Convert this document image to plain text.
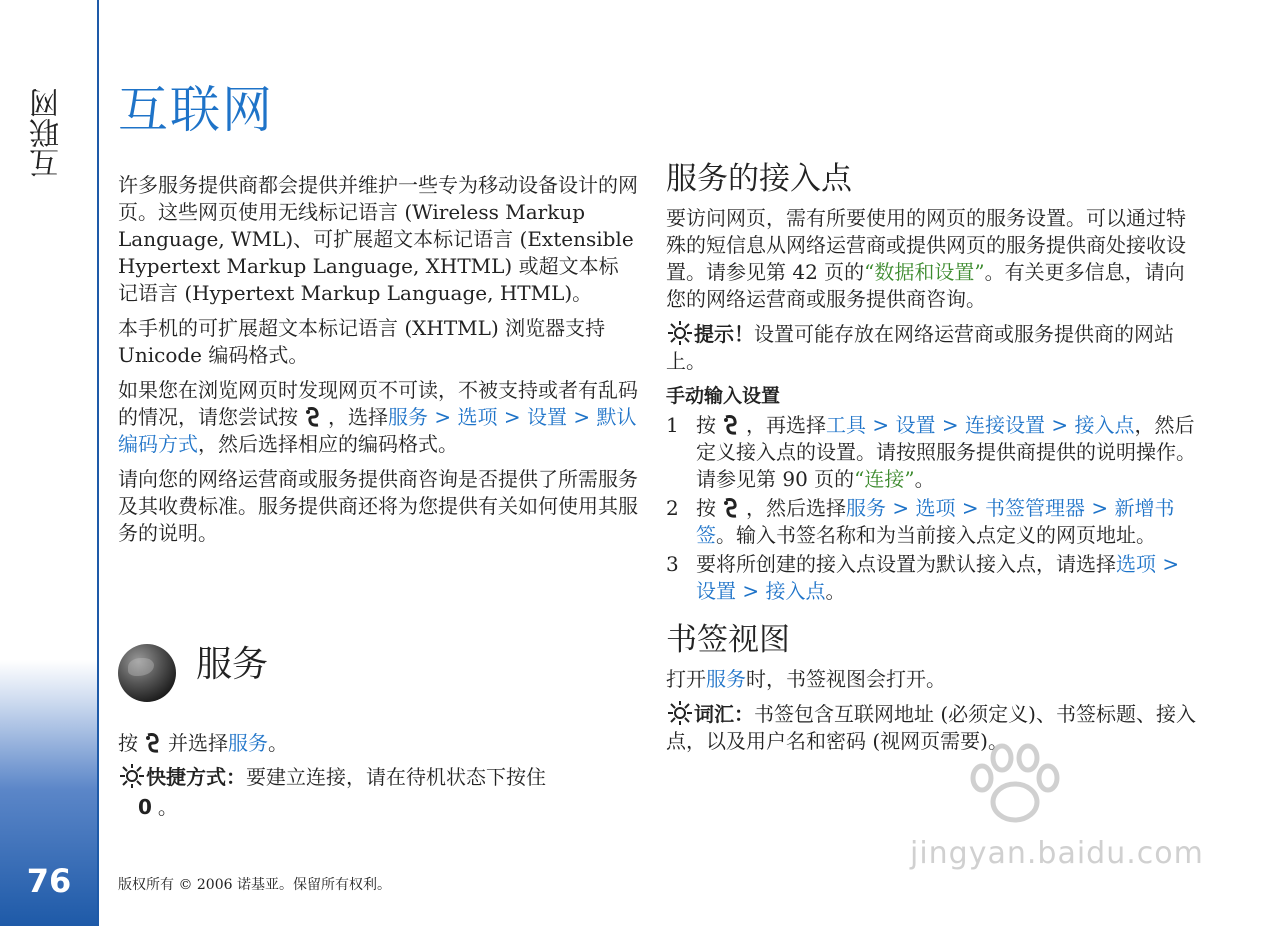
互联网
76
互联网

许多服务提供商都会提供并维护一些专为移动设备设计的网页。这些网页使用无线标记语言 (Wireless Markup Language, WML)、可扩展超文本标记语言 (Extensible Hypertext Markup Language, XHTML) 或超文本标记语言 (Hypertext Markup Language, HTML)。

本手机的可扩展超文本标记语言 (XHTML) 浏览器支持 Unicode 编码格式。

如果您在浏览网页时发现网页不可读，不被支持或者有乱码的情况，请您尝试按 ，选择服务 > 选项 > 设置 > 默认编码方式，然后选择相应的编码格式。

请向您的网络运营商或服务提供商咨询是否提供了所需服务及其收费标准。服务提供商还将为您提供有关如何使用其服务的说明。

服务

按 并选择服务。

快捷方式：要建立连接，请在待机状态下按住
0 。

服务的接入点

要访问网页，需有所要使用的网页的服务设置。可以通过特殊的短信息从网络运营商或提供网页的服务提供商处接收设置。请参见第 42 页的“数据和设置”。有关更多信息，请向您的网络运营商或服务提供商咨询。

提示！设置可能存放在网络运营商或服务提供商的网站上。

手动输入设置
1 按 ，再选择工具 > 设置 > 连接设置 > 接入点，然后定义接入点的设置。请按照服务提供商提供的说明操作。请参见第 90 页的“连接”。
2 按 ，然后选择服务 > 选项 > 书签管理器 > 新增书签。输入书签名称和为当前接入点定义的网页地址。
3 要将所创建的接入点设置为默认接入点，请选择选项 > 设置 > 接入点。
书签视图

打开服务时，书签视图会打开。

词汇：书签包含互联网地址 (必须定义)、书签标题、接入点，以及用户名和密码 (视网页需要)。

版权所有 © 2006 诺基亚。保留所有权利。
jingyan.baidu.com
